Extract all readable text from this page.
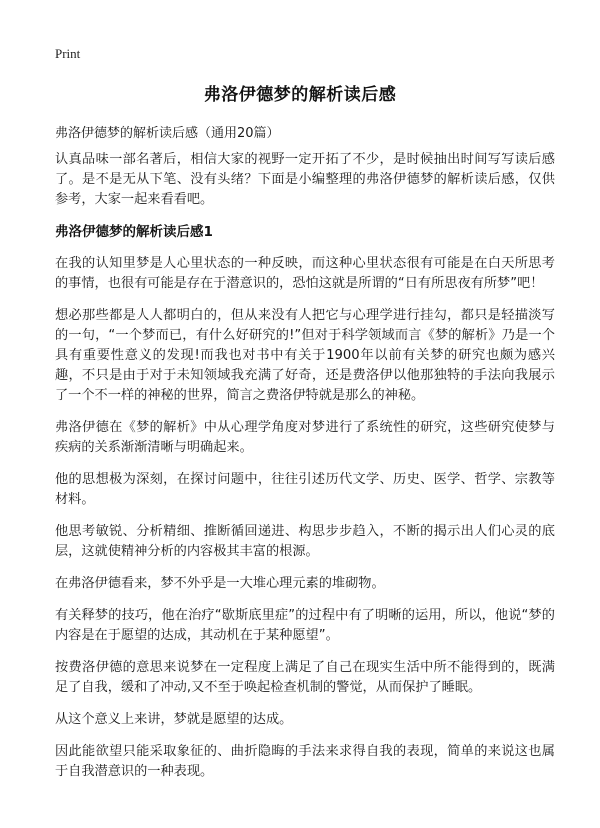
Print
弗洛伊德梦的解析读后感
弗洛伊德梦的解析读后感（通用20篇）

认真品味一部名著后，相信大家的视野一定开拓了不少，是时候抽出时间写写读后感了。是不是无从下笔、没有头绪？下面是小编整理的弗洛伊德梦的解析读后感，仅供参考，大家一起来看看吧。

弗洛伊德梦的解析读后感1

在我的认知里梦是人心里状态的一种反映，而这种心里状态很有可能是在白天所思考的事情，也很有可能是存在于潜意识的，恐怕这就是所谓的“日有所思夜有所梦”吧！

想必那些都是人人都明白的，但从来没有人把它与心理学进行挂勾，都只是轻描淡写的一句，“一个梦而已，有什么好研究的!”但对于科学领域而言《梦的解析》乃是一个具有重要性意义的发现!而我也对书中有关于1900年以前有关梦的研究也颇为感兴趣，不只是由于对于未知领域我充满了好奇，还是费洛伊以他那独特的手法向我展示了一个不一样的神秘的世界，简言之费洛伊特就是那么的神秘。

弗洛伊德在《梦的解析》中从心理学角度对梦进行了系统性的研究，这些研究使梦与疾病的关系渐渐清晰与明确起来。

他的思想极为深刻，在探讨问题中，往往引述历代文学、历史、医学、哲学、宗教等材料。

他思考敏锐、分析精细、推断循回递进、构思步步趋入，不断的揭示出人们心灵的底层，这就使精神分析的内容极其丰富的根源。

在弗洛伊德看来，梦不外乎是一大堆心理元素的堆砌物。

有关释梦的技巧，他在治疗“歇斯底里症”的过程中有了明晰的运用，所以，他说“梦的内容是在于愿望的达成，其动机在于某种愿望”。

按费洛伊德的意思来说梦在一定程度上满足了自己在现实生活中所不能得到的，既满足了自我，缓和了冲动,又不至于唤起检查机制的警觉，从而保护了睡眠。

从这个意义上来讲，梦就是愿望的达成。

因此能欲望只能采取象征的、曲折隐晦的手法来求得自我的表现，简单的来说这也属于自我潜意识的一种表现。
